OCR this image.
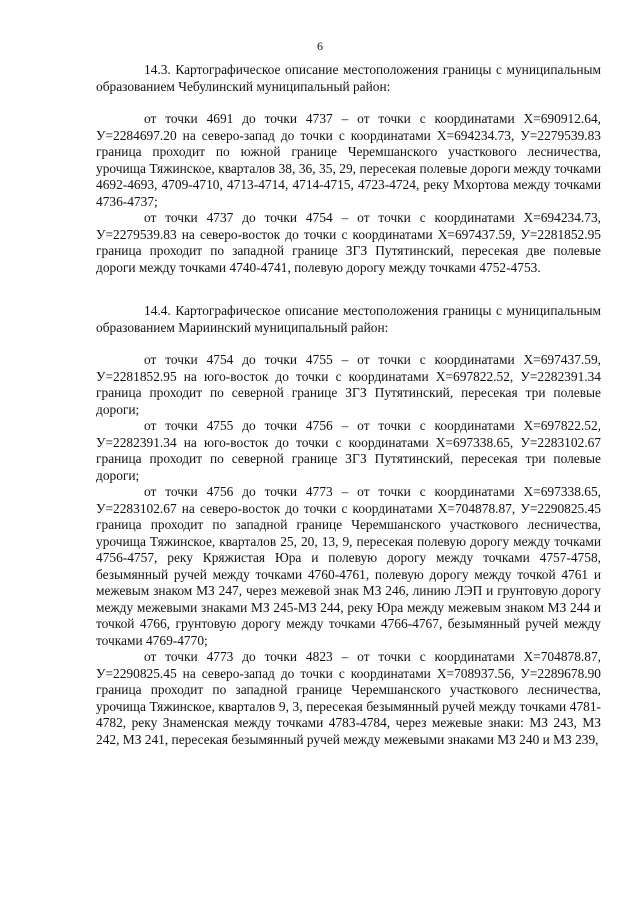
6

14.3. Картографическое описание местоположения границы с муниципальным образованием Чебулинский муниципальный район:

от точки 4691 до точки 4737 – от точки с координатами Х=690912.64, У=2284697.20 на северо-запад до точки с координатами Х=694234.73, У=2279539.83 граница проходит по южной границе Черемшанского участкового лесничества, урочища Тяжинское, кварталов 38, 36, 35, 29, пересекая полевые дороги между точками 4692-4693, 4709-4710, 4713-4714, 4714-4715, 4723-4724, реку Мхортова между точками 4736-4737;

от точки 4737 до точки 4754 – от точки с координатами Х=694234.73, У=2279539.83 на северо-восток до точки с координатами Х=697437.59, У=2281852.95 граница проходит по западной границе ЗГЗ Путятинский, пересекая две полевые дороги между точками 4740-4741, полевую дорогу между точками 4752-4753.

14.4. Картографическое описание местоположения границы с муниципальным образованием Мариинский муниципальный район:

от точки 4754 до точки 4755 – от точки с координатами Х=697437.59, У=2281852.95 на юго-восток до точки с координатами Х=697822.52, У=2282391.34 граница проходит по северной границе ЗГЗ Путятинский, пересекая три полевые дороги;

от точки 4755 до точки 4756 – от точки с координатами Х=697822.52, У=2282391.34 на юго-восток до точки с координатами Х=697338.65, У=2283102.67 граница проходит по северной границе ЗГЗ Путятинский, пересекая три полевые дороги;

от точки 4756 до точки 4773 – от точки с координатами Х=697338.65, У=2283102.67 на северо-восток до точки с координатами Х=704878.87, У=2290825.45 граница проходит по западной границе Черемшанского участкового лесничества, урочища Тяжинское, кварталов 25, 20, 13, 9, пересекая полевую дорогу между точками 4756-4757, реку Кряжистая Юра и полевую дорогу между точками 4757-4758, безымянный ручей между точками 4760-4761, полевую дорогу между точкой 4761 и межевым знаком МЗ 247, через межевой знак МЗ 246, линию ЛЭП и грунтовую дорогу между межевыми знаками МЗ 245-МЗ 244, реку Юра между межевым знаком МЗ 244 и точкой 4766, грунтовую дорогу между точками 4766-4767, безымянный ручей между точками 4769-4770;

от точки 4773 до точки 4823 – от точки с координатами Х=704878.87, У=2290825.45 на северо-запад до точки с координатами Х=708937.56, У=2289678.90 граница проходит по западной границе Черемшанского участкового лесничества, урочища Тяжинское, кварталов 9, 3, пересекая безымянный ручей между точками 4781-4782, реку Знаменская между точками 4783-4784, через межевые знаки: МЗ 243, МЗ 242, МЗ 241, пересекая безымянный ручей между межевыми знаками МЗ 240 и МЗ 239,
